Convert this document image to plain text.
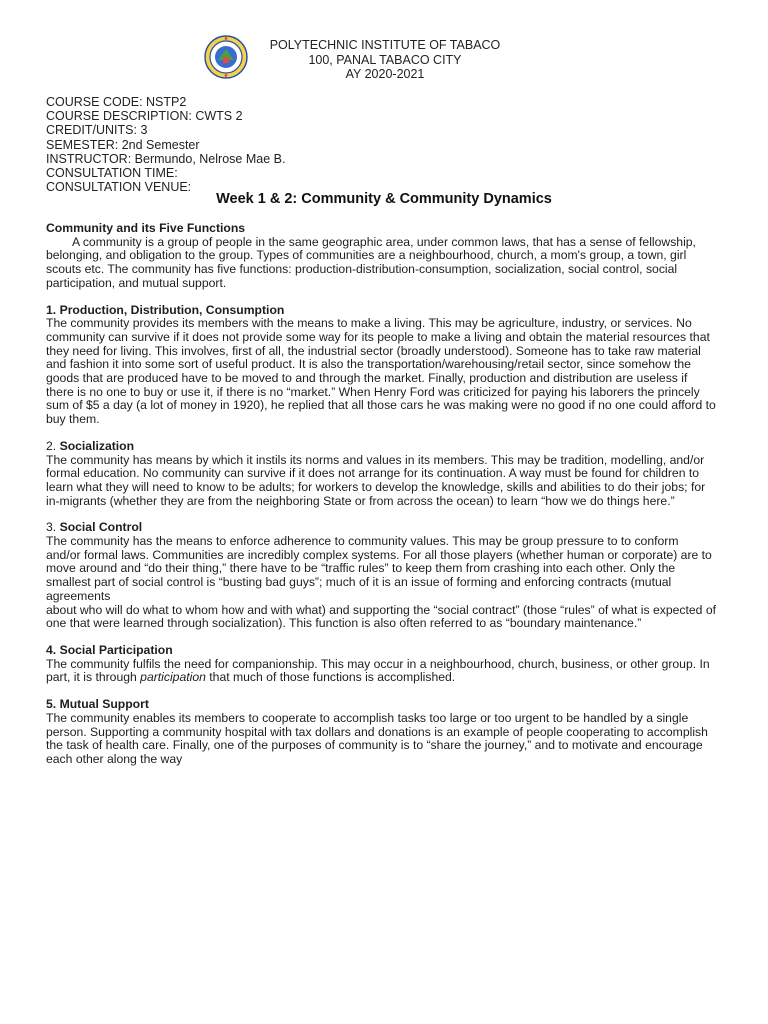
POLYTECHNIC INSTITUTE OF TABACO
100, PANAL TABACO CITY
AY 2020-2021
COURSE CODE: NSTP2
COURSE DESCRIPTION: CWTS 2
CREDIT/UNITS: 3
SEMESTER: 2nd Semester
INSTRUCTOR: Bermundo, Nelrose Mae B.
CONSULTATION TIME:
CONSULTATION VENUE:
Week 1 & 2: Community & Community Dynamics
Community and its Five Functions

A community is a group of people in the same geographic area, under common laws, that has a sense of fellowship, belonging, and obligation to the group. Types of communities are a neighbourhood, church, a mom's group, a town, girl scouts etc. The community has five functions: production-distribution-consumption, socialization, social control, social participation, and mutual support.

1. Production, Distribution, Consumption

The community provides its members with the means to make a living. This may be agriculture, industry, or services. No community can survive if it does not provide some way for its people to make a living and obtain the material resources that they need for living. This involves, first of all, the industrial sector (broadly understood). Someone has to take raw material and fashion it into some sort of useful product. It is also the transportation/warehousing/retail sector, since somehow the goods that are produced have to be moved to and through the market. Finally, production and distribution are useless if there is no one to buy or use it, if there is no “market.” When Henry Ford was criticized for paying his laborers the princely sum of $5 a day (a lot of money in 1920), he replied that all those cars he was making were no good if no one could afford to buy them.

2. Socialization

The community has means by which it instils its norms and values in its members. This may be tradition, modelling, and/or formal education. No community can survive if it does not arrange for its continuation. A way must be found for children to learn what they will need to know to be adults; for workers to develop the knowledge, skills and abilities to do their jobs; for in-migrants (whether they are from the neighboring State or from across the ocean) to learn “how we do things here.”

3. Social Control

The community has the means to enforce adherence to community values. This may be group pressure to to conform and/or formal laws. Communities are incredibly complex systems. For all those players (whether human or corporate) are to move around and “do their thing,” there have to be “traffic rules” to keep them from crashing into each other. Only the smallest part of social control is “busting bad guys”; much of it is an issue of forming and enforcing contracts (mutual agreements

about who will do what to whom how and with what) and supporting the “social contract” (those “rules” of what is expected of one that were learned through socialization). This function is also often referred to as “boundary maintenance.”

4. Social Participation

The community fulfils the need for companionship. This may occur in a neighbourhood, church, business, or other group. In part, it is through participation that much of those functions is accomplished.

5. Mutual Support

The community enables its members to cooperate to accomplish tasks too large or too urgent to be handled by a single person. Supporting a community hospital with tax dollars and donations is an example of people cooperating to accomplish the task of health care. Finally, one of the purposes of community is to “share the journey,” and to motivate and encourage each other along the way
